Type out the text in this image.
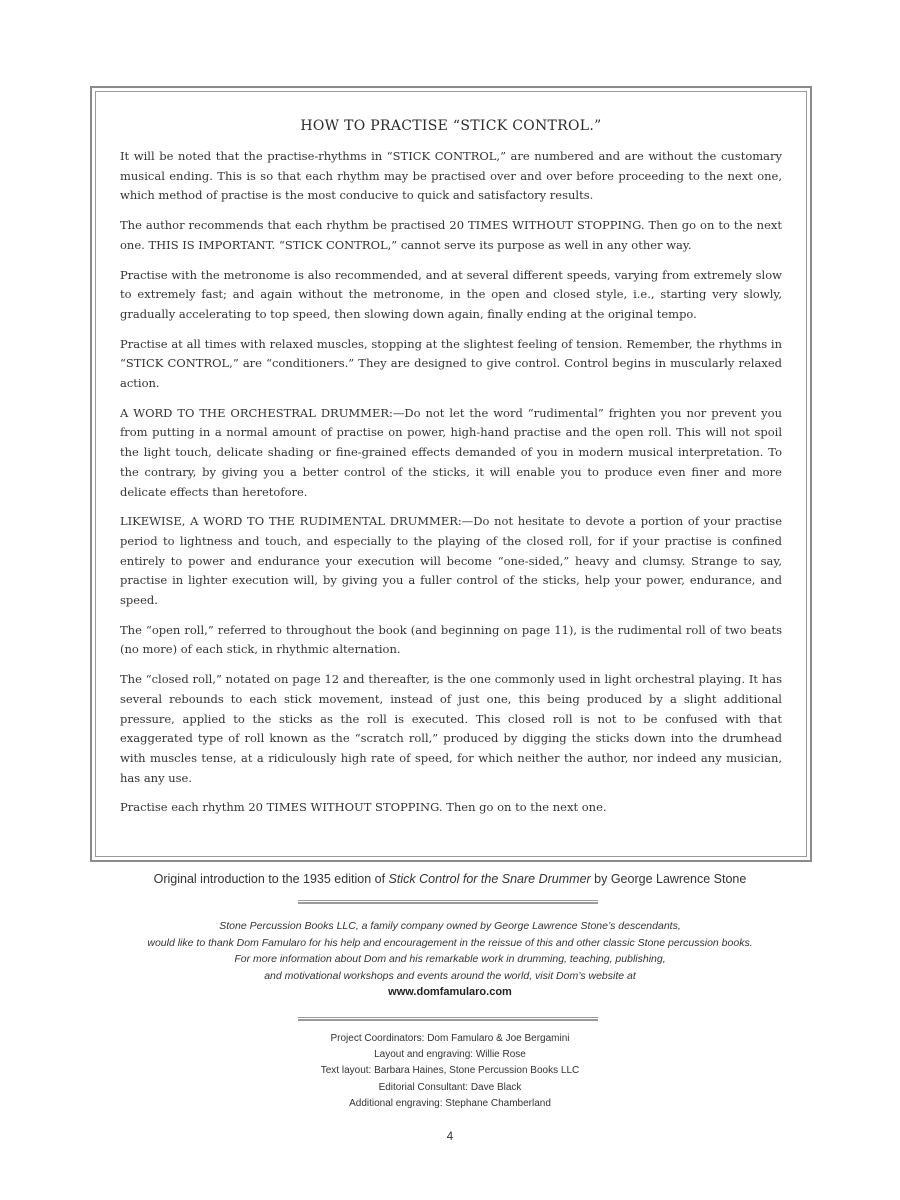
HOW TO PRACTISE “STICK CONTROL.”

It will be noted that the practise-rhythms in “STICK CONTROL,” are numbered and are without the customary musical ending. This is so that each rhythm may be practised over and over before proceeding to the next one, which method of practise is the most conducive to quick and satisfactory results.

The author recommends that each rhythm be practised 20 TIMES WITHOUT STOPPING. Then go on to the next one. THIS IS IMPORTANT. “STICK CONTROL,” cannot serve its purpose as well in any other way.

Practise with the metronome is also recommended, and at several different speeds, varying from extremely slow to extremely fast; and again without the metronome, in the open and closed style, i.e., starting very slowly, gradually accelerating to top speed, then slowing down again, finally ending at the original tempo.

Practise at all times with relaxed muscles, stopping at the slightest feeling of tension. Remember, the rhythms in “STICK CONTROL,” are “conditioners.” They are designed to give control. Control begins in muscularly relaxed action.

A WORD TO THE ORCHESTRAL DRUMMER:—Do not let the word “rudimental” frighten you nor prevent you from putting in a normal amount of practise on power, high-hand practise and the open roll. This will not spoil the light touch, delicate shading or fine-grained effects demanded of you in modern musical interpretation. To the contrary, by giving you a better control of the sticks, it will enable you to produce even finer and more delicate effects than heretofore.

LIKEWISE, A WORD TO THE RUDIMENTAL DRUMMER:—Do not hesitate to devote a portion of your practise period to lightness and touch, and especially to the playing of the closed roll, for if your practise is confined entirely to power and endurance your execution will become “one-sided,” heavy and clumsy. Strange to say, practise in lighter execution will, by giving you a fuller control of the sticks, help your power, endurance, and speed.

The “open roll,” referred to throughout the book (and beginning on page 11), is the rudimental roll of two beats (no more) of each stick, in rhythmic alternation.

The “closed roll,” notated on page 12 and thereafter, is the one commonly used in light orchestral playing. It has several rebounds to each stick movement, instead of just one, this being produced by a slight additional pressure, applied to the sticks as the roll is executed. This closed roll is not to be confused with that exaggerated type of roll known as the “scratch roll,” produced by digging the sticks down into the drumhead with muscles tense, at a ridiculously high rate of speed, for which neither the author, nor indeed any musician, has any use.

Practise each rhythm 20 TIMES WITHOUT STOPPING. Then go on to the next one.

Original introduction to the 1935 edition of Stick Control for the Snare Drummer by George Lawrence Stone
Stone Percussion Books LLC, a family company owned by George Lawrence Stone’s descendants,
would like to thank Dom Famularo for his help and encouragement in the reissue of this and other classic Stone percussion books.
For more information about Dom and his remarkable work in drumming, teaching, publishing,
and motivational workshops and events around the world, visit Dom’s website at
www.domfamularo.com
Project Coordinators: Dom Famularo & Joe Bergamini
Layout and engraving: Willie Rose
Text layout: Barbara Haines, Stone Percussion Books LLC
Editorial Consultant: Dave Black
Additional engraving: Stephane Chamberland
4
